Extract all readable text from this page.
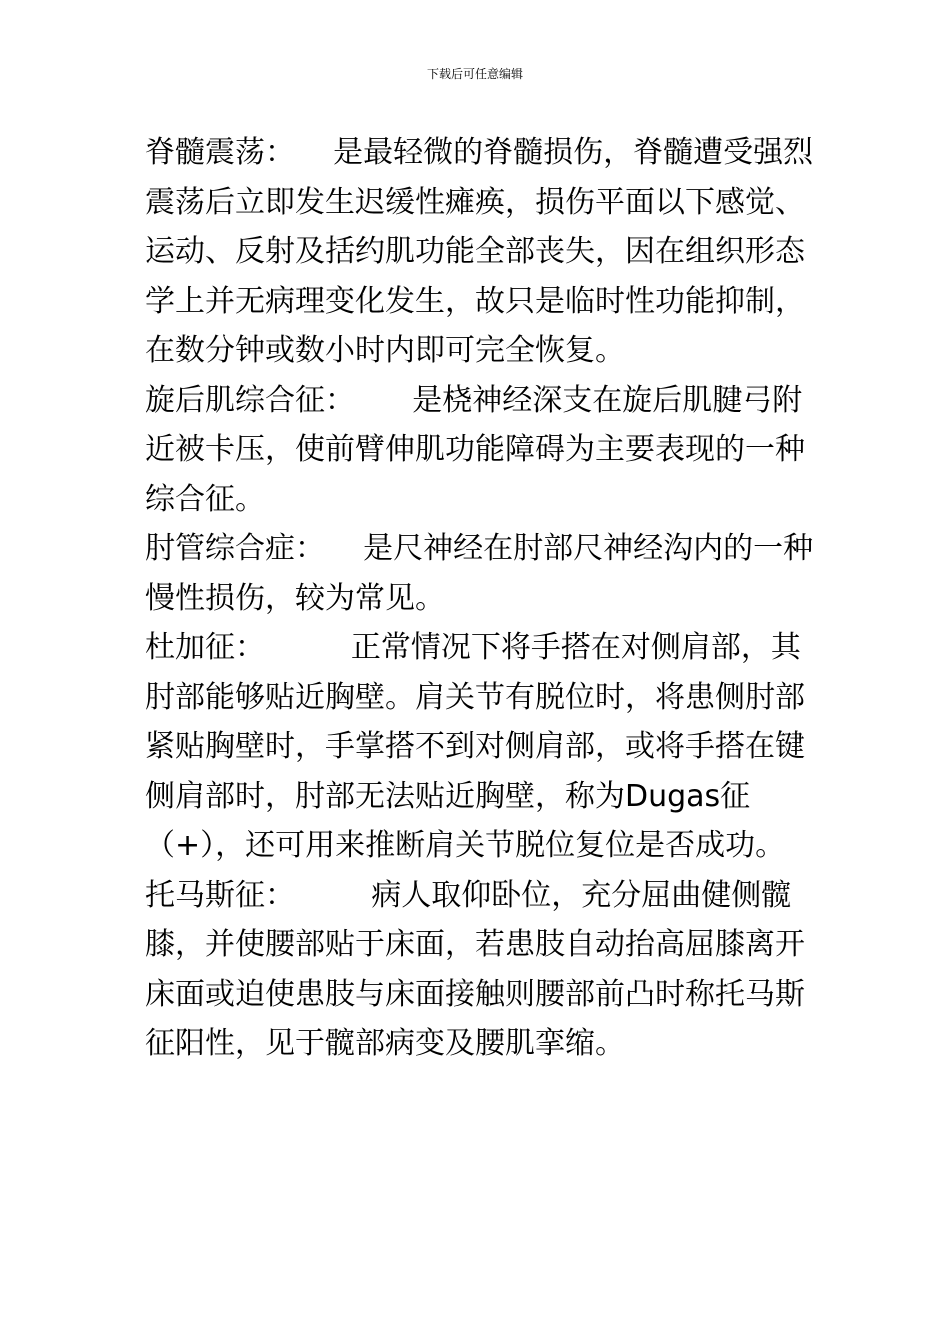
下载后可任意编辑

脊髓震荡： 是最轻微的脊髓损伤，脊髓遭受强烈震荡后立即发生迟缓性瘫痪，损伤平面以下感觉、运动、反射及括约肌功能全部丧失，因在组织形态学上并无病理变化发生，故只是临时性功能抑制，在数分钟或数小时内即可完全恢复。

旋后肌综合征： 是桡神经深支在旋后肌腱弓附近被卡压，使前臂伸肌功能障碍为主要表现的一种综合征。

肘管综合症： 是尺神经在肘部尺神经沟内的一种慢性损伤，较为常见。

杜加征：	正常情况下将手搭在对侧肩部，其肘部能够贴近胸壁。肩关节有脱位时，将患侧肘部紧贴胸壁时，手掌搭不到对侧肩部，或将手搭在键侧肩部时，肘部无法贴近胸壁，称为Dugas征（+），还可用来推断肩关节脱位复位是否成功。

托马斯征：	病人取仰卧位，充分屈曲健侧髋膝，并使腰部贴于床面，若患肢自动抬高屈膝离开床面或迫使患肢与床面接触则腰部前凸时称托马斯征阳性，见于髋部病变及腰肌挛缩。
